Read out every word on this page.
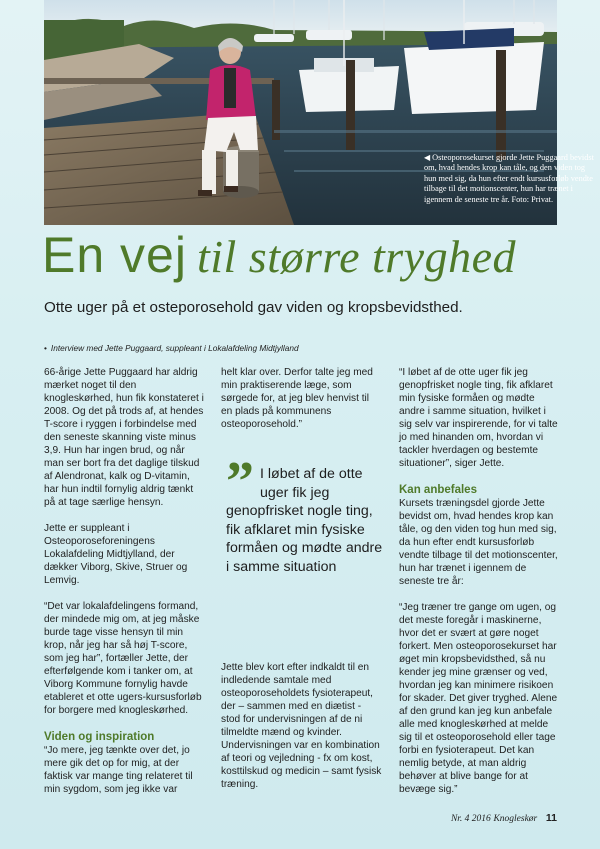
◀ Osteoporosekurset gjorde Jette Puggaard bevidst om, hvad hendes krop kan tåle, og den viden tog hun med sig, da hun efter endt kursusforløb vendte tilbage til det motionscenter, hun har trænet i igennem de seneste tre år. Foto: Privat.
En vej til større tryghed
Otte uger på et osteporosehold gav viden og kropsbevidsthed.
• Interview med Jette Puggaard, suppleant i Lokalafdeling Midtjylland

66-årige Jette Puggaard har aldrig mærket noget til den knogleskørhed, hun fik konstateret i 2008. Og det på trods af, at hendes T-score i ryggen i forbindelse med den seneste skanning viste minus 3,9. Hun har ingen brud, og når man ser bort fra det daglige tilskud af Alendronat, kalk og D-vitamin, har hun indtil fornylig aldrig tænkt på at tage særlige hensyn.

Jette er suppleant i Osteoporoseforeningens Lokalafdeling Midtjylland, der dækker Viborg, Skive, Struer og Lemvig.

“Det var lokalafdelingens formand, der mindede mig om, at jeg måske burde tage visse hensyn til min krop, når jeg har så høj T-score, som jeg har”, fortæller Jette, der efterfølgende kom i tanker om, at Viborg Kommune fornylig havde etableret et otte ugers-kursusforløb for borgere med knogleskørhed.

Viden og inspiration

“Jo mere, jeg tænkte over det, jo mere gik det op for mig, at der faktisk var mange ting relateret til min sygdom, som jeg ikke var

helt klar over. Derfor talte jeg med min praktiserende læge, som sørgede for, at jeg blev henvist til en plads på kommunens osteoporosehold.”

” I løbet af de otte uger fik jeg genopfrisket nogle ting, fik afklaret min fysiske formåen og mødte andre i samme situation

Jette blev kort efter indkaldt til en indledende samtale med osteoporoseholdets fysioterapeut, der – sammen med en diætist - stod for undervisningen af de ni tilmeldte mænd og kvinder. Undervisningen var en kombination af teori og vejledning - fx om kost, kosttilskud og medicin – samt fysisk træning.

“I løbet af de otte uger fik jeg genopfrisket nogle ting, fik afklaret min fysiske formåen og mødte andre i samme situation, hvilket i sig selv var inspirerende, for vi talte jo med hinanden om, hvordan vi tackler hverdagen og bestemte situationer”, siger Jette.

Kan anbefales

Kursets træningsdel gjorde Jette bevidst om, hvad hendes krop kan tåle, og den viden tog hun med sig, da hun efter endt kursusforløb vendte tilbage til det motionscenter, hun har trænet i igennem de seneste tre år:

“Jeg træner tre gange om ugen, og det meste foregår i maskinerne, hvor det er svært at gøre noget forkert. Men osteoporosekurset har øget min kropsbevidsthed, så nu kender jeg mine grænser og ved, hvordan jeg kan minimere risikoen for skader. Det giver tryghed. Alene af den grund kan jeg kun anbefale alle med knogleskørhed at melde sig til et osteoporosehold eller tage forbi en fysioterapeut. Det kan nemlig betyde, at man aldrig behøver at blive bange for at bevæge sig.”

Nr. 4 2016 Knogleskør 11
